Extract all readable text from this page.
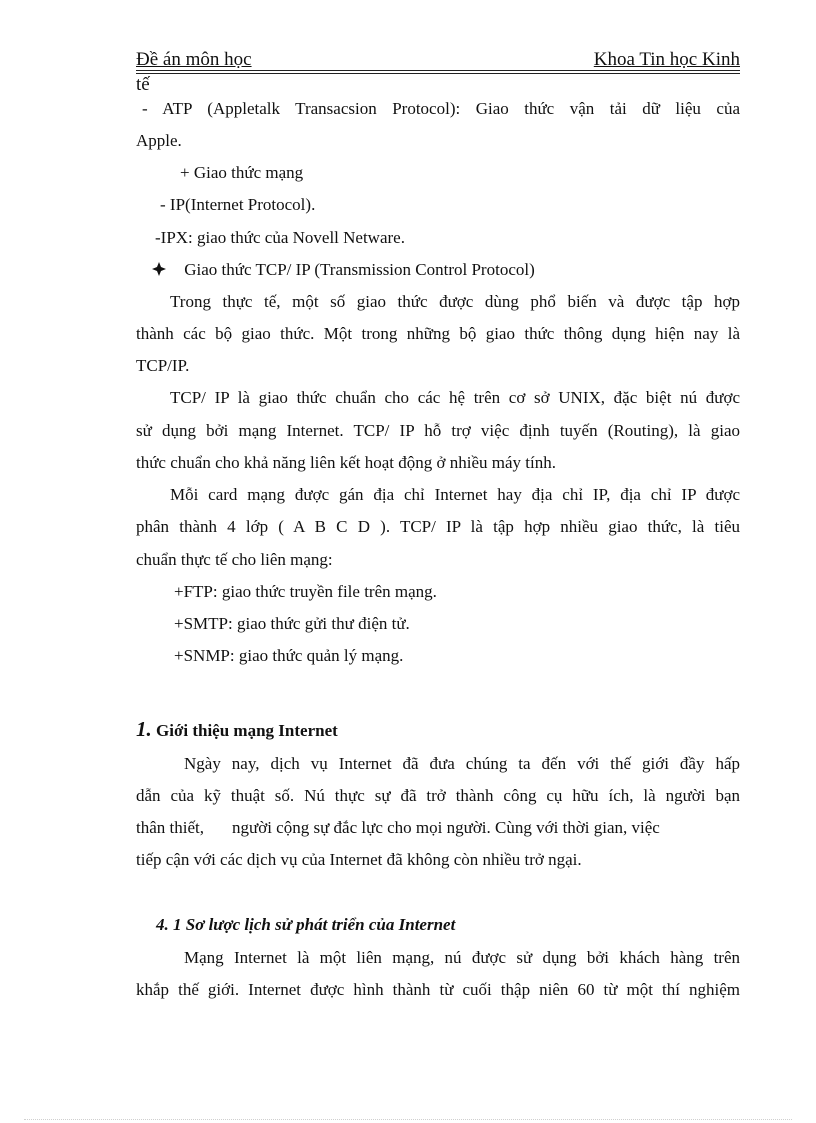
Đề án môn học	Khoa Tin học Kinh
tế
- ATP (Appletalk Transacsion Protocol): Giao thức vận tải dữ liệu của
Apple.
+ Giao thức mạng
- IP(Internet Protocol).
-IPX: giao thức của Novell Netware.
Giao thức TCP/ IP (Transmission Control Protocol)
Trong thực tế, một số giao thức được dùng phổ biến và được tập hợp
thành các bộ giao thức. Một trong những bộ giao thức thông dụng hiện nay là
TCP/IP.
TCP/ IP là giao thức chuẩn cho các hệ trên cơ sở UNIX, đặc biệt nú được
sử dụng bởi mạng Internet. TCP/ IP hỗ trợ việc định tuyến (Routing), là giao
thức chuẩn cho khả năng liên kết hoạt động ở nhiều máy tính.
Mỗi card mạng được gán địa chỉ Internet hay địa chỉ IP, địa chỉ IP được
phân thành 4 lớp ( A B C D ). TCP/ IP là tập hợp nhiều giao thức, là tiêu
chuẩn thực tế cho liên mạng:
+FTP: giao thức truyền file trên mạng.
+SMTP: giao thức gửi thư điện tử.
+SNMP: giao thức quản lý mạng.
1. Giới thiệu mạng Internet
Ngày nay, dịch vụ Internet đã đưa chúng ta đến với thế giới đầy hấp
dẫn của kỹ thuật số. Nú thực sự đã trở thành công cụ hữu ích, là người bạn
thân thiết, người cộng sự đắc lực cho mọi người. Cùng với thời gian, việc
tiếp cận với các dịch vụ của Internet đã không còn nhiều trở ngại.
4. 1 Sơ lược lịch sử phát triển của Internet
Mạng Internet là một liên mạng, nú được sử dụng bởi khách hàng trên
khắp thế giới. Internet được hình thành từ cuối thập niên 60 từ một thí nghiệm
